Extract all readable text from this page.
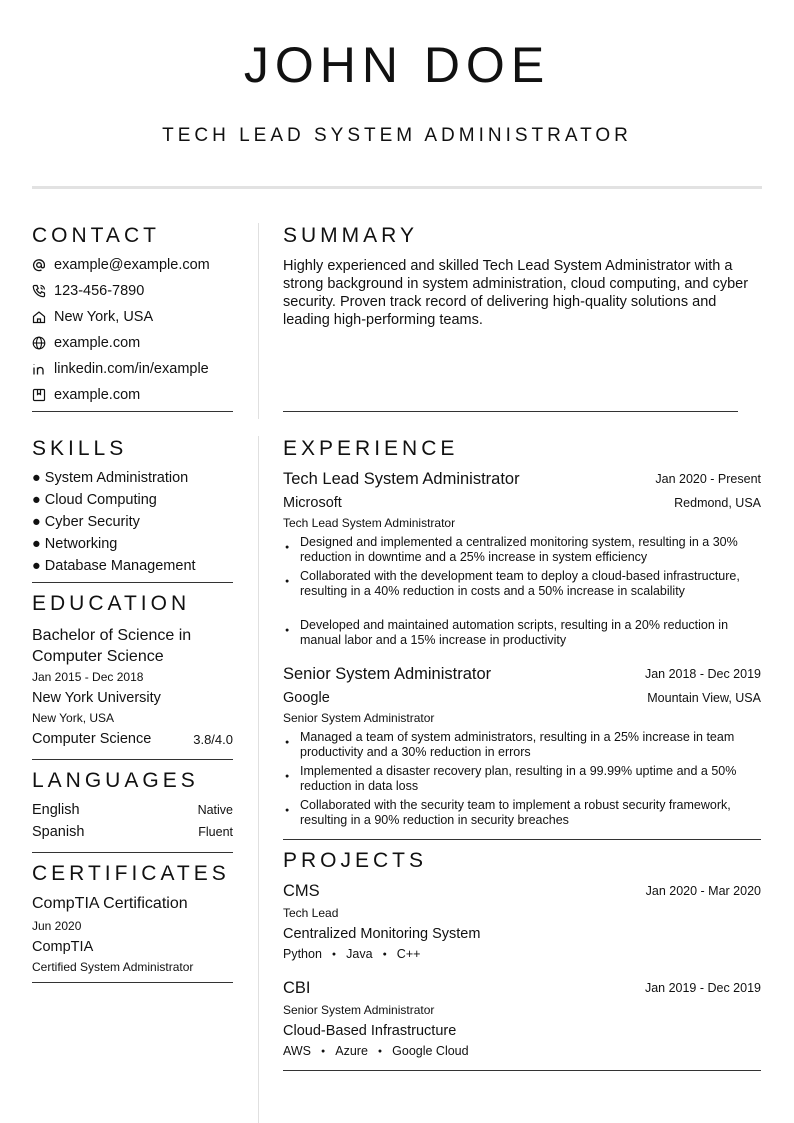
JOHN DOE
TECH LEAD SYSTEM ADMINISTRATOR
CONTACT
example@example.com
123-456-7890
New York, USA
example.com
linkedin.com/in/example
example.com
SUMMARY
Highly experienced and skilled Tech Lead System Administrator with a strong background in system administration, cloud computing, and cyber security. Proven track record of delivering high-quality solutions and leading high-performing teams.
SKILLS
● System Administration
● Cloud Computing
● Cyber Security
● Networking
● Database Management
EDUCATION
Bachelor of Science in Computer Science
Jan 2015 - Dec 2018
New York University
New York, USA
Computer Science	3.8/4.0
LANGUAGES
English	Native
Spanish	Fluent
CERTIFICATES
CompTIA Certification
Jun 2020
CompTIA
Certified System Administrator
EXPERIENCE
Tech Lead System Administrator	Jan 2020 - Present
Microsoft	Redmond, USA
Tech Lead System Administrator
● Designed and implemented a centralized monitoring system, resulting in a 30% reduction in downtime and a 25% increase in system efficiency
● Collaborated with the development team to deploy a cloud-based infrastructure, resulting in a 40% reduction in costs and a 50% increase in scalability
● Developed and maintained automation scripts, resulting in a 20% reduction in manual labor and a 15% increase in productivity
Senior System Administrator	Jan 2018 - Dec 2019
Google	Mountain View, USA
Senior System Administrator
● Managed a team of system administrators, resulting in a 25% increase in team productivity and a 30% reduction in errors
● Implemented a disaster recovery plan, resulting in a 99.99% uptime and a 50% reduction in data loss
● Collaborated with the security team to implement a robust security framework, resulting in a 90% reduction in security breaches
PROJECTS
CMS	Jan 2020 - Mar 2020
Tech Lead
Centralized Monitoring System
Python ● Java ● C++
CBI	Jan 2019 - Dec 2019
Senior System Administrator
Cloud-Based Infrastructure
AWS ● Azure ● Google Cloud
